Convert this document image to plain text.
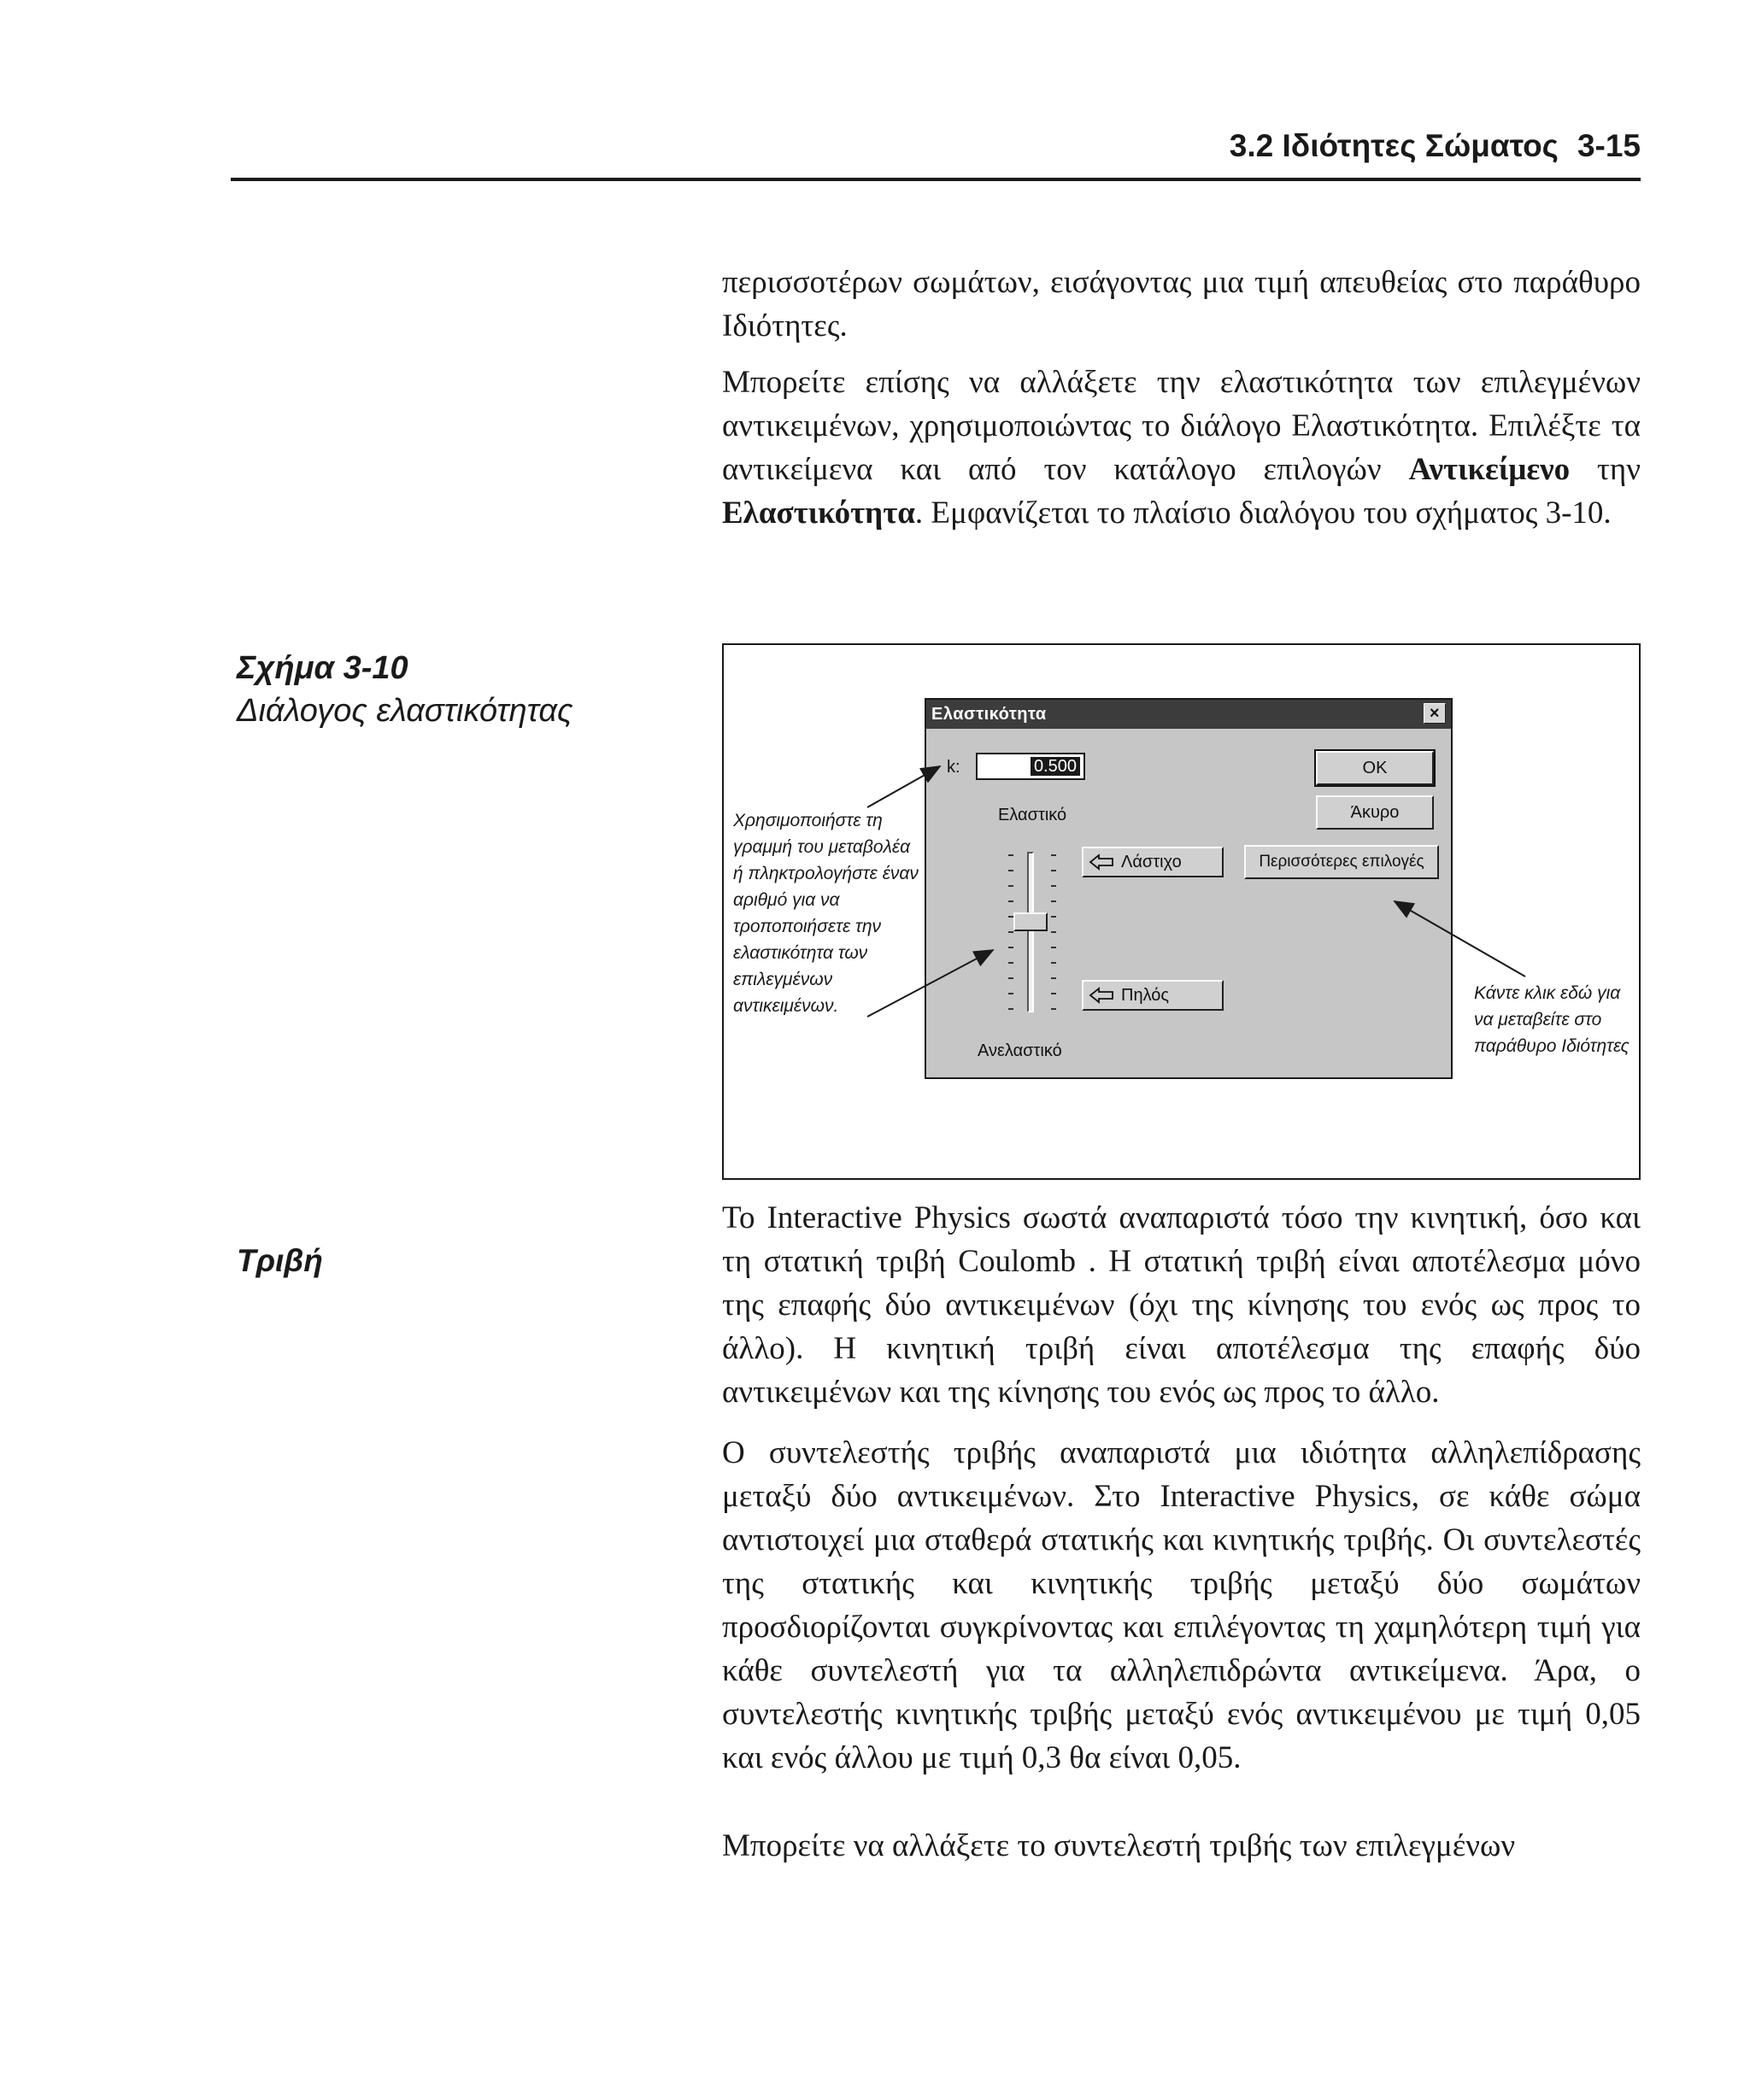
3.2 Ιδιότητες Σώματος 3-15

περισσοτέρων σωμάτων, εισάγοντας μια τιμή απευθείας στο παράθυρο Ιδιότητες.

Μπορείτε επίσης να αλλάξετε την ελαστικότητα των επιλεγμένων αντικειμένων, χρησιμοποιώντας το διάλογο Ελαστικότητα. Επιλέξτε τα αντικείμενα και από τον κατάλογο επιλογών Αντικείμενο την Ελαστικότητα. Εμφανίζεται το πλαίσιο διαλόγου του σχήματος 3-10.

Σχήμα 3-10
Διάλογος ελαστικότητας	Ελαστικότητα	×
k:	0.500
Ελαστικό
Ανελαστικό
OK
Άκυρο
Περισσότερες επιλογές
Λάστιχο
Πηλός
Χρησιμοποιήστε τη γραμμή του μεταβολέα ή πληκτρολογήστε έναν αριθμό για να τροποποιήσετε την ελαστικότητα των επιλεγμένων αντικειμένων.
Κάντε κλικ εδώ για να μεταβείτε στο παράθυρο Ιδιότητες
Τριβή

Το Interactive Physics σωστά αναπαριστά τόσο την κινητική, όσο και τη στατική τριβή Coulomb . Η στατική τριβή είναι αποτέλεσμα μόνο της επαφής δύο αντικειμένων (όχι της κίνησης του ενός ως προς το άλλο). Η κινητική τριβή είναι αποτέλεσμα της επαφής δύο αντικειμένων και της κίνησης του ενός ως προς το άλλο.

Ο συντελεστής τριβής αναπαριστά μια ιδιότητα αλληλεπίδρασης μεταξύ δύο αντικειμένων. Στο Interactive Physics, σε κάθε σώμα αντιστοιχεί μια σταθερά στατικής και κινητικής τριβής. Οι συντελεστές της στατικής και κινητικής τριβής μεταξύ δύο σωμάτων προσδιορίζονται συγκρίνοντας και επιλέγοντας τη χαμηλότερη τιμή για κάθε συντελεστή για τα αλληλεπιδρώντα αντικείμενα. Άρα, ο συντελεστής κινητικής τριβής μεταξύ ενός αντικειμένου με τιμή 0,05 και ενός άλλου με τιμή 0,3 θα είναι 0,05.

Μπορείτε να αλλάξετε το συντελεστή τριβής των επιλεγμένων
